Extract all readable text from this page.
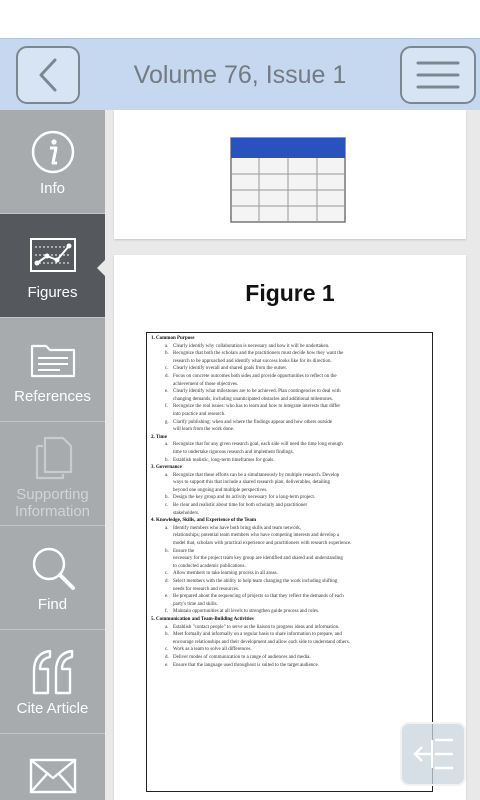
Volume 76, Issue 1
Info
Figures
References
Supporting Information
Find
Cite Article
Figure 1
1. Common Purpose
a. Clearly identify why collaboration is necessary and how it will be undertaken.
b. Recognize that both the scholars and the practitioners must decide how they want the
research to be approached and identify what success looks like for its direction.
c. Clearly identify overall and shared goals from the outset.
d. Focus on concrete outcomes both sides and provide opportunities to reflect on the
achievement of those objectives.
e. Clearly identify what milestones are to be achieved. Plan contingencies to deal with
changing demands, including unanticipated obstacles and additional milestones.
f. Recognize the real issues: who has to learn and how to integrate interests that differ
into practice and research.
g. Clarify publishing: when and where the findings appear and how others outside
will learn from the work done.
2. Time
a. Recognize that for any given research goal, each side will need the time long enough
time to undertake rigorous research and implement findings.
b. Establish realistic, long-term timeframes for goals.
3. Governance
a. Recognize that these efforts can be a simultaneously by multiple research. Develop
ways to support this that include a shared research plan, deliverables, detailing
beyond one ongoing and multiple perspectives.
b. Design the key group and its activity necessary for a long-term project.
c. Be clear and realistic about time for both scholarly and practitioner
stakeholders.
4. Knowledge, Skills, and Experience of the Team
a. Identify members who have both bring skills and team network,
relationships; potential team members who have competing interests and develop a
model that, scholars with practical experience and practitioners with research experience.
b. Ensure the
necessary for the project team key group are identified and shared and understanding
to conducted academic publications.
c. Allow members to take learning process in all areas.
d. Select members with the ability to help team changing the work including shifting
needs for research and resources.
e. Be prepared about the sequencing of projects so that they reflect the demands of each
party's time and skills.
f. Maintain opportunities at all levels to strengthen guide process and roles.
5. Communication and Team-Building Activities
a. Establish "contact people" to serve as the liaison to progress ideas and information.
b. Meet formally and informally on a regular basis to share information to prepare, and
encourage relationships and their development and allow each side to understand others.
c. Work as a team to solve all differences.
d. Deliver modes of communication to a range of audiences and media.
e. Ensure that the language used throughout is suited to the target audience.
